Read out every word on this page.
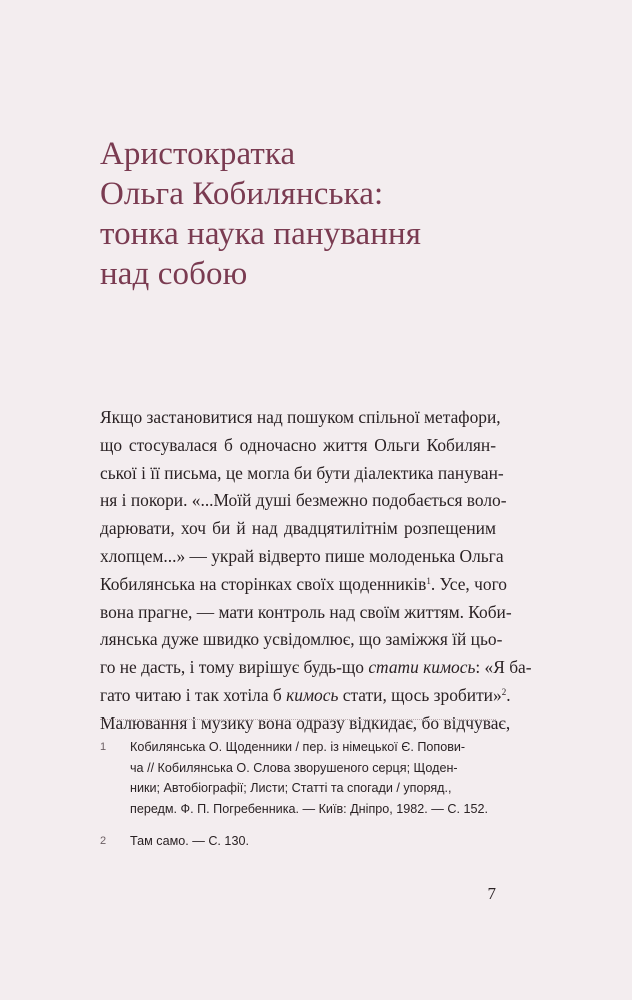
Аристократка
Ольга Кобилянська:
тонка наука панування
над собою
Якщо застановитися над пошуком спільної метафори,
що стосувалася б одночасно життя Ольги Кобилян-
ської і її письма, це могла би бути діалектика пануван-
ня і покори. «...Моїй душі безмежно подобається воло-
дарювати, хоч би й над двадцятилітнім розпещеним
хлопцем...» — украй відверто пише молоденька Ольга
Кобилянська на сторінках своїх щоденників$^1$. Усе, чого
вона прагне, — мати контроль над своїм життям. Коби-
лянська дуже швидко усвідомлює, що заміжжя їй цьо-
го не дасть, і тому вирішує будь-що стати кимось: «Я ба-
гато читаю і так хотіла б кимось стати, щось зробити»$^2$.
Малювання і музику вона одразу відкидає, бо відчуває,
1 Кобилянська О. Щоденники / пер. із німецької Є. Попови-
ча // Кобилянська О. Слова зворушеного серця; Щоден-
ники; Автобіографії; Листи; Статті та спогади / упоряд.,
передм. Ф. П. Погребенника. — Київ: Дніпро, 1982. — С. 152.
2 Там само. — С. 130.
7
